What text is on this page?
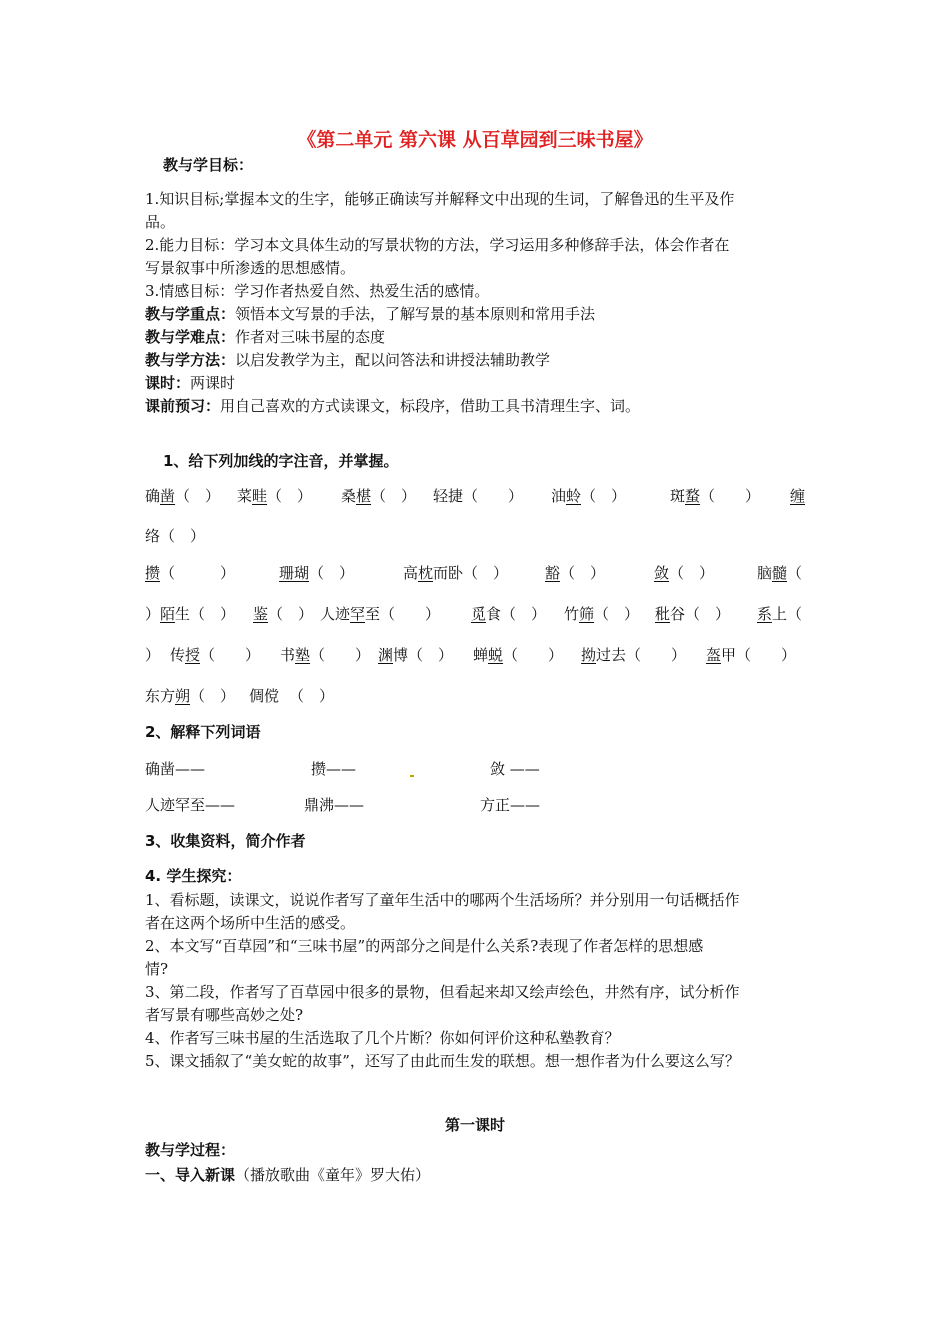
《第二单元 第六课 从百草园到三味书屋》
教与学目标：
1.知识目标;掌握本文的生字，能够正确读写并解释文中出现的生词，了解鲁迅的生平及作
品。
2.能力目标：学习本文具体生动的写景状物的方法，学习运用多种修辞手法，体会作者在
写景叙事中所渗透的思想感情。
3.情感目标：学习作者热爱自然、热爱生活的感情。
教与学重点：领悟本文写景的手法，了解写景的基本原则和常用手法
教与学难点：作者对三味书屋的态度
教与学方法：以启发教学为主，配以问答法和讲授法辅助教学
课时：两课时
课前预习：用自己喜欢的方式读课文，标段序，借助工具书清理生字、词。
1、给下列加线的字注音，并掌握。
确凿（　） 菜畦（　） 桑椹（　） 轻捷（　　） 油蛉（　）	斑蝥（　　） 缠
络（　）
攒（　　　）	珊瑚（　）	高枕而卧（　） 豁（　）	敛（　）	脑髓（
）陌生（　） 鉴（　） 人迹罕至（　　） 觅食（　） 竹筛（　） 秕谷（　） 系上（
） 传授（　　） 书塾（　　） 渊博（　） 蝉蜕（　　） 拗过去（　　） 盔甲（　　）
东方朔（　） 倜傥 （　）
2、解释下列词语
确凿——	攒——	敛 ——
人迹罕至——	鼎沸——	方正——
3、收集资料，简介作者
4. 学生探究：
1、看标题，读课文，说说作者写了童年生活中的哪两个生活场所？并分别用一句话概括作
者在这两个场所中生活的感受。
2、本文写“百草园”和“三味书屋”的两部分之间是什么关系?表现了作者怎样的思想感
情?
3、第二段，作者写了百草园中很多的景物，但看起来却又绘声绘色，井然有序，试分析作
者写景有哪些高妙之处?
4、作者写三味书屋的生活选取了几个片断？你如何评价这种私塾教育？
5、课文插叙了“美女蛇的故事”，还写了由此而生发的联想。想一想作者为什么要这么写？
第一课时
教与学过程：
一、导入新课（播放歌曲《童年》罗大佑）
